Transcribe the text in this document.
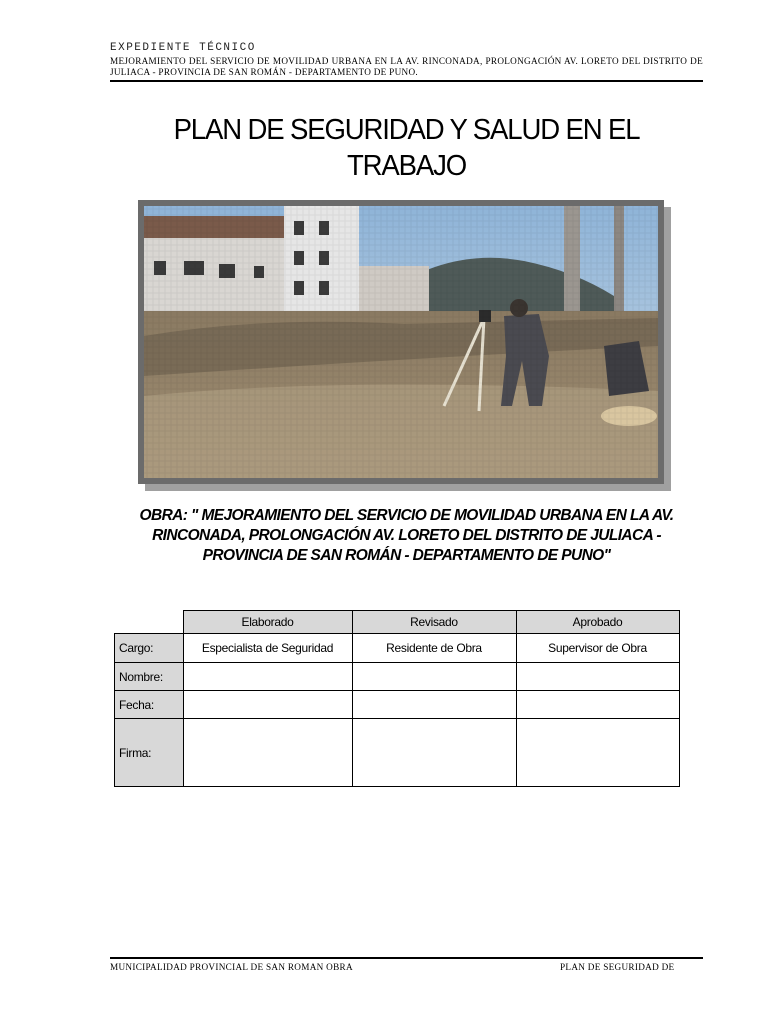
EXPEDIENTE TÉCNICO
MEJORAMIENTO DEL SERVICIO DE MOVILIDAD URBANA EN LA AV. RINCONADA, PROLONGACIÓN AV. LORETO DEL DISTRITO DE JULIACA - PROVINCIA DE SAN ROMÁN - DEPARTAMENTO DE PUNO.
PLAN DE SEGURIDAD Y SALUD EN EL
TRABAJO
OBRA: " MEJORAMIENTO DEL SERVICIO DE MOVILIDAD URBANA EN LA AV. RINCONADA, PROLONGACIÓN AV. LORETO DEL DISTRITO DE JULIACA - PROVINCIA DE SAN ROMÁN - DEPARTAMENTO DE PUNO"
	Elaborado	Revisado	Aprobado
Cargo:	Especialista de Seguridad	Residente de Obra	Supervisor de Obra
Nombre:			
Fecha:			
Firma:			
MUNICIPALIDAD PROVINCIAL DE SAN ROMAN OBRA	PLAN DE SEGURIDAD DE
